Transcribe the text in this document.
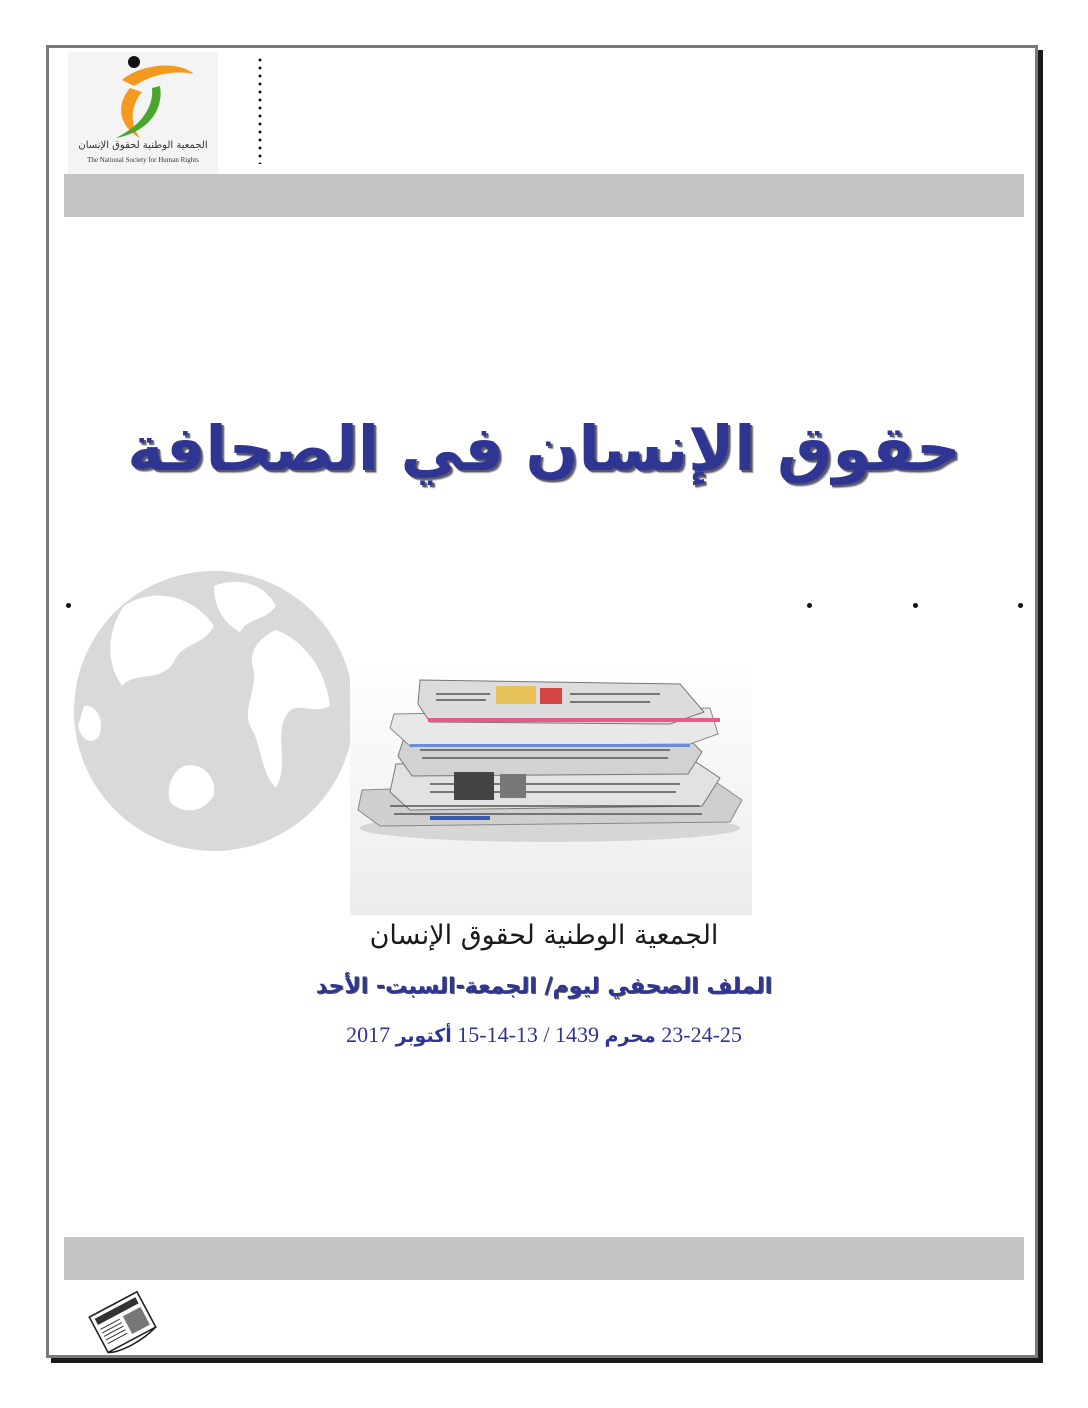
الجمعية الوطنية لحقوق الإنسان
The National Society for Human Rights
حقوق الإنسان في الصحافة
الجمعية الوطنية لحقوق الإنسان
الملف الصحفي ليوم/ الجمعة-السبت- الأحد
23-24-25 محرم 1439 / 13-14-15 أكتوبر 2017
